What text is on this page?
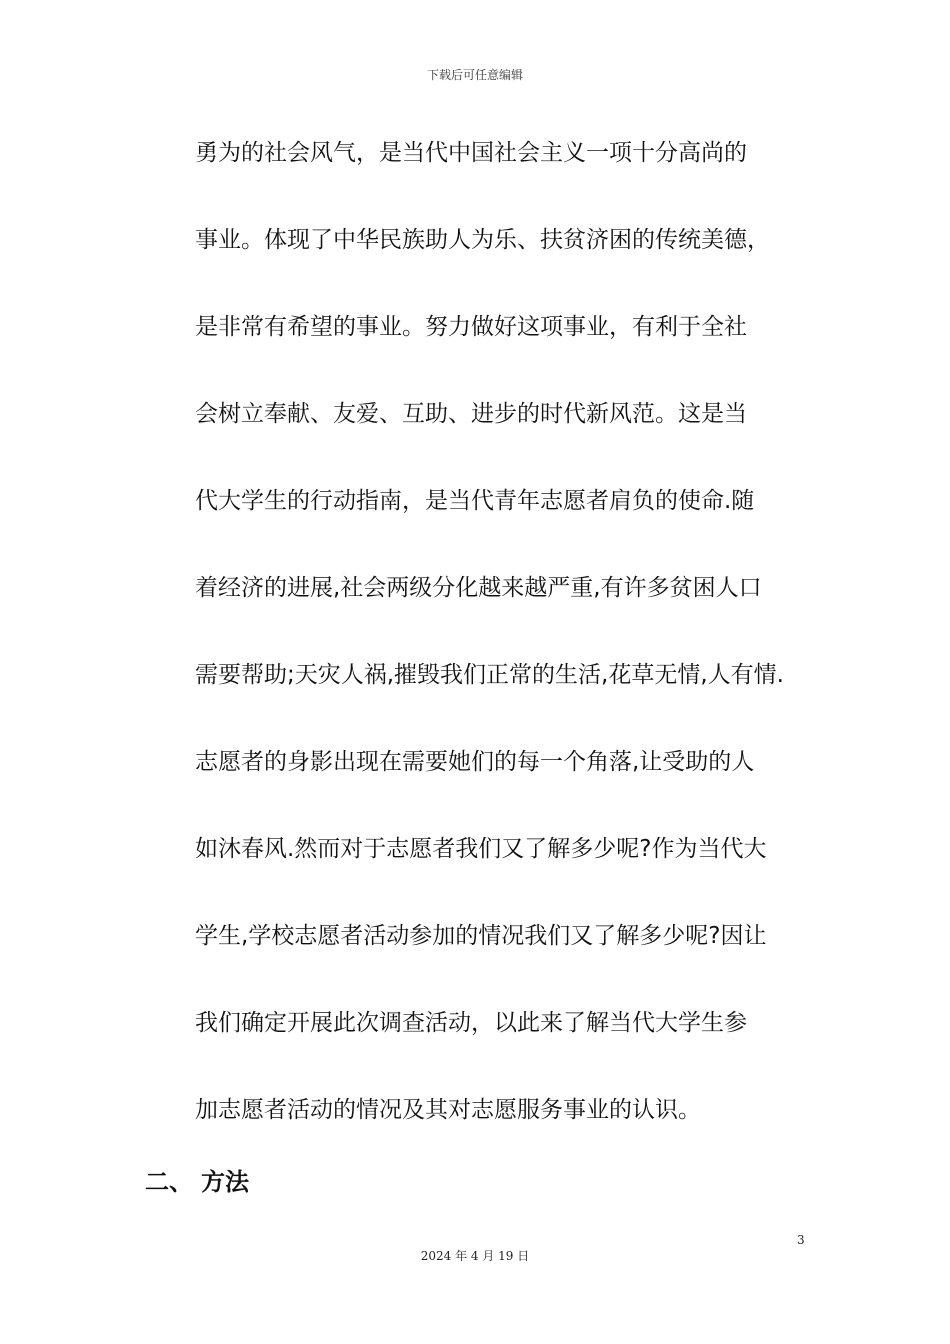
下载后可任意编辑
勇为的社会风气，是当代中国社会主义一项十分高尚的
事业。体现了中华民族助人为乐、扶贫济困的传统美德，
是非常有希望的事业。努力做好这项事业，有利于全社
会树立奉献、友爱、互助、进步的时代新风范。这是当
代大学生的行动指南，是当代青年志愿者肩负的使命.随
着经济的进展,社会两级分化越来越严重,有许多贫困人口
需要帮助;天灾人祸,摧毁我们正常的生活,花草无情,人有情.
志愿者的身影出现在需要她们的每一个角落,让受助的人
如沐春风.然而对于志愿者我们又了解多少呢?作为当代大
学生,学校志愿者活动参加的情况我们又了解多少呢?因让
我们确定开展此次调查活动，以此来了解当代大学生参
加志愿者活动的情况及其对志愿服务事业的认识。
二、 方法
3
2024 年 4 月 19 日
